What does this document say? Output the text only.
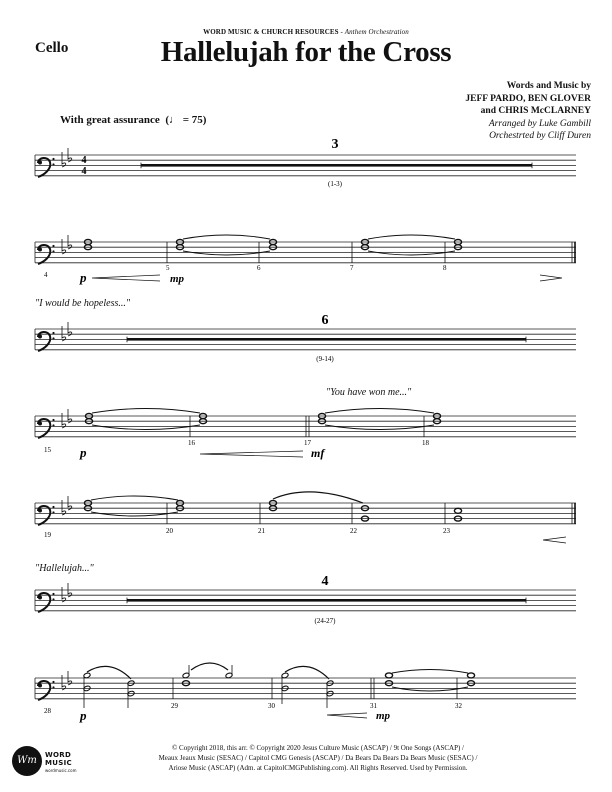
WORD MUSIC & CHURCH RESOURCES - Anthem Orchestration
Cello	Hallelujah for the Cross
Words and Music by
JEFF PARDO, BEN GLOVER
and CHRIS McCLARNEY
Arranged by Luke Gambill
Orchestrted by Cliff Duren
With great assurance  (♩ = 75)
"I would be hopeless..."
"You have won me..."
"Hallelujah..."
4
4
3
(1-3)
4
5	6	7	8
p	mp
6
(9-14)
15
16	17	18
p	mf
19	20	21	22	23
4
(24-27)
28
29	30	31	32
p	mp
Wm	WORD MUSIC
wordmusic.com
© Copyright 2018, this arr. © Copyright 2020 Jesus Culture Music (ASCAP) / 9t One Songs (ASCAP) /
Meaux Jeaux Music (SESAC) / Capitol CMG Genesis (ASCAP) / Da Bears Da Bears Da Bears Music (SESAC) /
Ariose Music (ASCAP) (Adm. at CapitolCMGPublishing.com). All Rights Reserved. Used by Permission.
